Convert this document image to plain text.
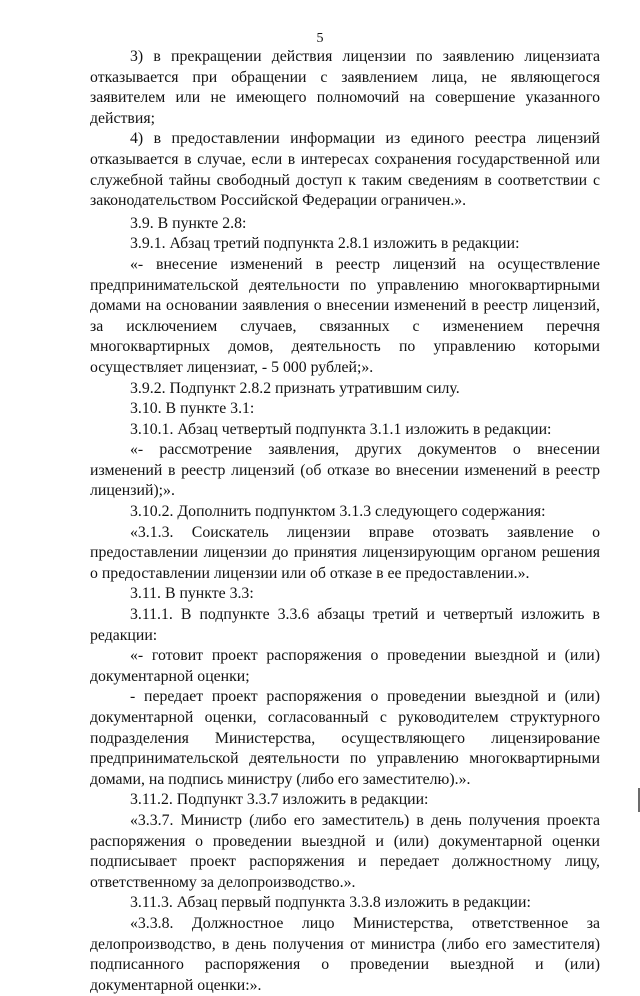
5

3) в прекращении действия лицензии по заявлению лицензиата отказывается при обращении с заявлением лица, не являющегося заявителем или не имеющего полномочий на совершение указанного действия;

4) в предоставлении информации из единого реестра лицензий отказывается в случае, если в интересах сохранения государственной или служебной тайны свободный доступ к таким сведениям в соответствии с законодательством Российской Федерации ограничен.».

3.9. В пункте 2.8:

3.9.1. Абзац третий подпункта 2.8.1 изложить в редакции:

«- внесение изменений в реестр лицензий на осуществление предпринимательской деятельности по управлению многоквартирными домами на основании заявления о внесении изменений в реестр лицензий, за исключением случаев, связанных с изменением перечня многоквартирных домов, деятельность по управлению которыми осуществляет лицензиат, - 5 000 рублей;».

3.9.2. Подпункт 2.8.2 признать утратившим силу.

3.10. В пункте 3.1:

3.10.1. Абзац четвертый подпункта 3.1.1 изложить в редакции:

«- рассмотрение заявления, других документов о внесении изменений в реестр лицензий (об отказе во внесении изменений в реестр лицензий);».

3.10.2. Дополнить подпунктом 3.1.3 следующего содержания:

«3.1.3. Соискатель лицензии вправе отозвать заявление о предоставлении лицензии до принятия лицензирующим органом решения о предоставлении лицензии или об отказе в ее предоставлении.».

3.11. В пункте 3.3:

3.11.1. В подпункте 3.3.6 абзацы третий и четвертый изложить в редакции:

«- готовит проект распоряжения о проведении выездной и (или) документарной оценки;

- передает проект распоряжения о проведении выездной и (или) документарной оценки, согласованный с руководителем структурного подразделения Министерства, осуществляющего лицензирование предпринимательской деятельности по управлению многоквартирными домами, на подпись министру (либо его заместителю).».

3.11.2. Подпункт 3.3.7 изложить в редакции:

«3.3.7. Министр (либо его заместитель) в день получения проекта распоряжения о проведении выездной и (или) документарной оценки подписывает проект распоряжения и передает должностному лицу, ответственному за делопроизводство.».

3.11.3. Абзац первый подпункта 3.3.8 изложить в редакции:

«3.3.8. Должностное лицо Министерства, ответственное за делопроизводство, в день получения от министра (либо его заместителя) подписанного распоряжения о проведении выездной и (или) документарной оценки:».
